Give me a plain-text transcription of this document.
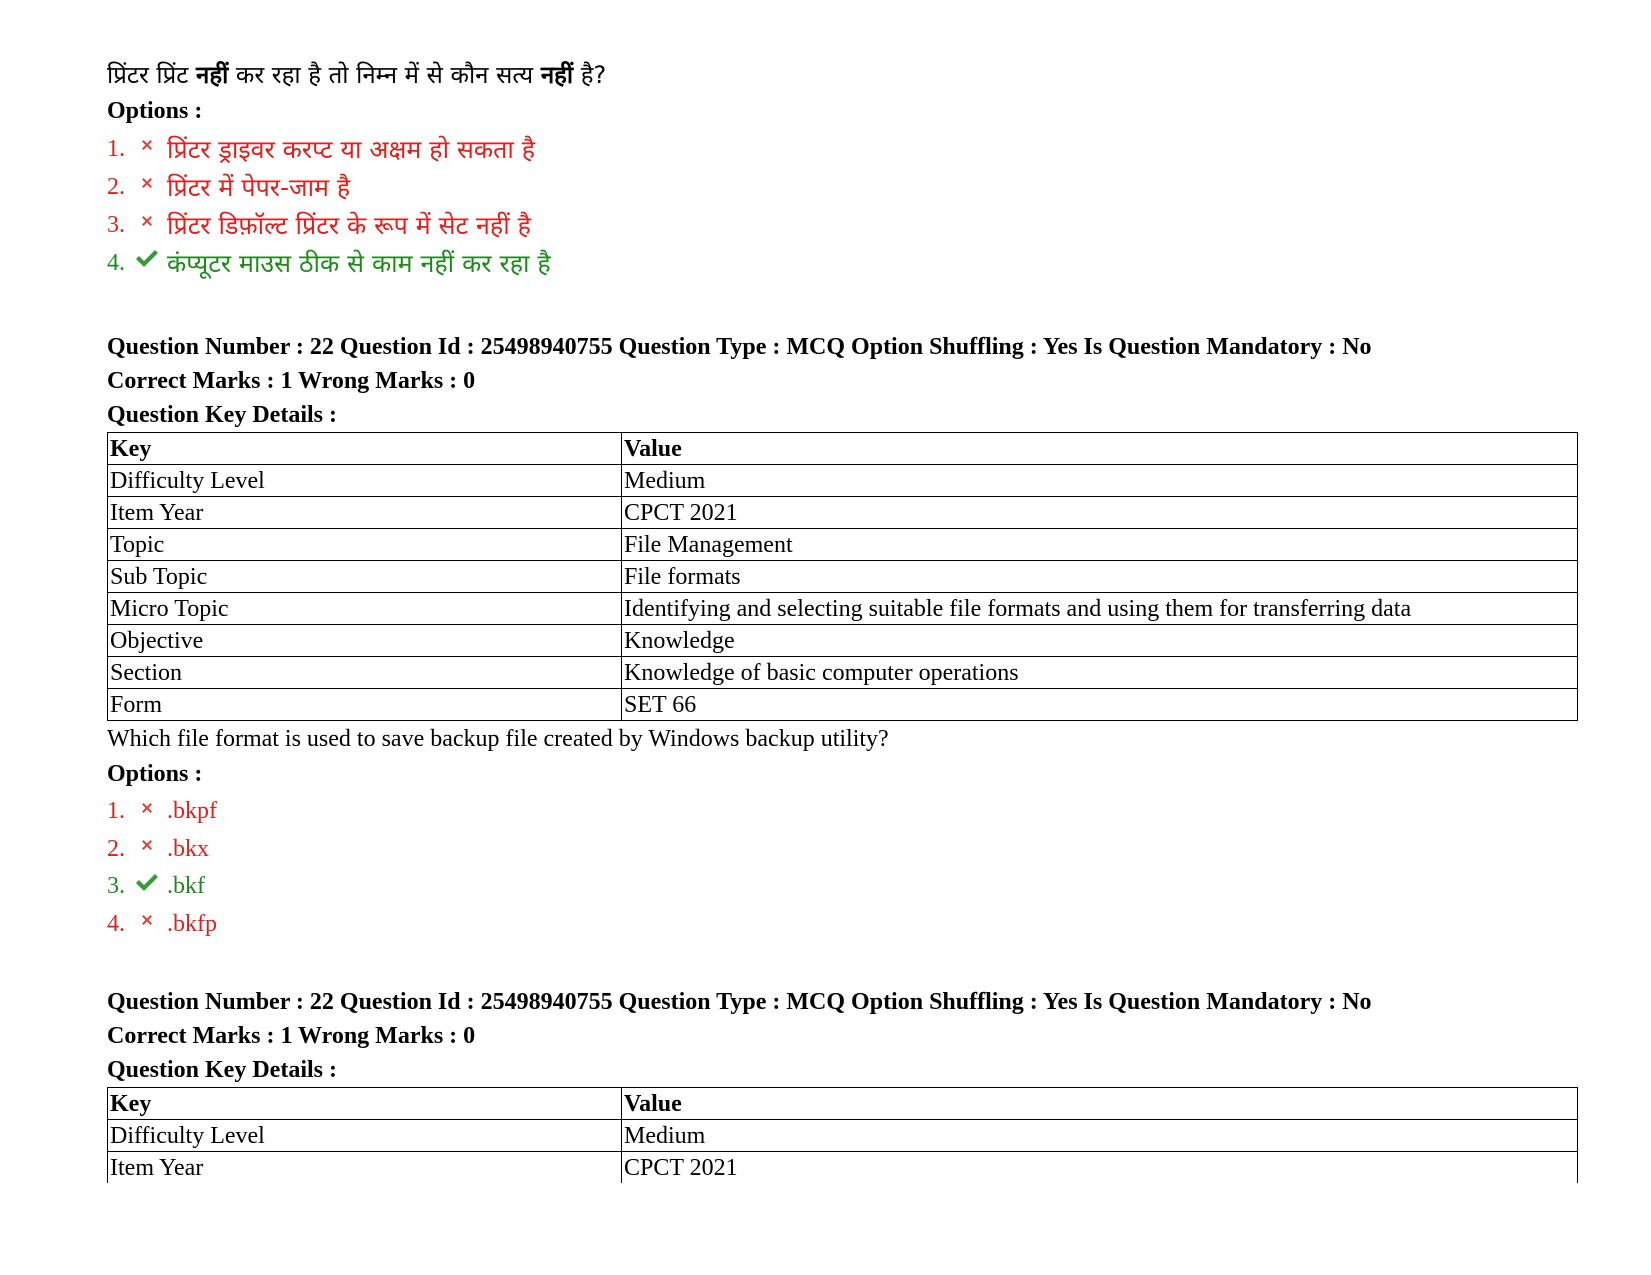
प्रिंटर प्रिंट नहीं कर रहा है तो निम्न में से कौन सत्य नहीं है?
Options :
1.	प्रिंटर ड्राइवर करप्ट या अक्षम हो सकता है
2.	प्रिंटर में पेपर-जाम है
3.	प्रिंटर डिफ़ॉल्ट प्रिंटर के रूप में सेट नहीं है
4.	कंप्यूटर माउस ठीक से काम नहीं कर रहा है
Question Number : 22 Question Id : 25498940755 Question Type : MCQ Option Shuffling : Yes Is Question Mandatory : No
Correct Marks : 1 Wrong Marks : 0
Question Key Details :
Key	Value
Difficulty Level	Medium
Item Year	CPCT 2021
Topic	File Management
Sub Topic	File formats
Micro Topic	Identifying and selecting suitable file formats and using them for transferring data
Objective	Knowledge
Section	Knowledge of basic computer operations
Form	SET 66
Which file format is used to save backup file created by Windows backup utility?
Options :
1.	.bkpf
2.	.bkx
3.	.bkf
4.	.bkfp
Question Number : 22 Question Id : 25498940755 Question Type : MCQ Option Shuffling : Yes Is Question Mandatory : No
Correct Marks : 1 Wrong Marks : 0
Question Key Details :
Key	Value
Difficulty Level	Medium
Item Year	CPCT 2021
